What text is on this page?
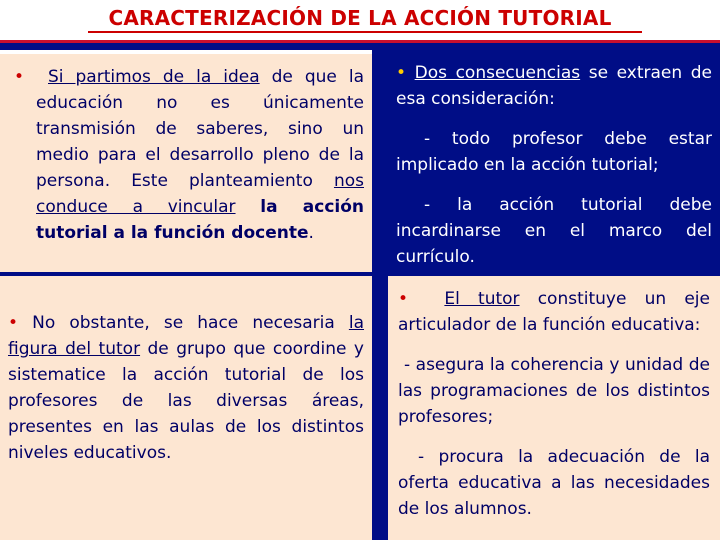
CARACTERIZACIÓN DE LA ACCIÓN TUTORIAL

• Si partimos de la idea de que la educación no es únicamente transmisión de saberes, sino un medio para el desarrollo pleno de la persona. Este planteamiento nos conduce a vincular la acción tutorial a la función docente.

• Dos consecuencias se extraen de esa consideración:

- todo profesor debe estar implicado en la acción tutorial;

- la acción tutorial debe incardinarse en el marco del currículo.

• No obstante, se hace necesaria la figura del tutor de grupo que coordine y sistematice la acción tutorial de los profesores de las diversas áreas, presentes en las aulas de los distintos niveles educativos.

• El tutor constituye un eje articulador de la función educativa:

- asegura la coherencia y unidad de las programaciones de los distintos profesores;

- procura la adecuación de la oferta educativa a las necesidades de los alumnos.
